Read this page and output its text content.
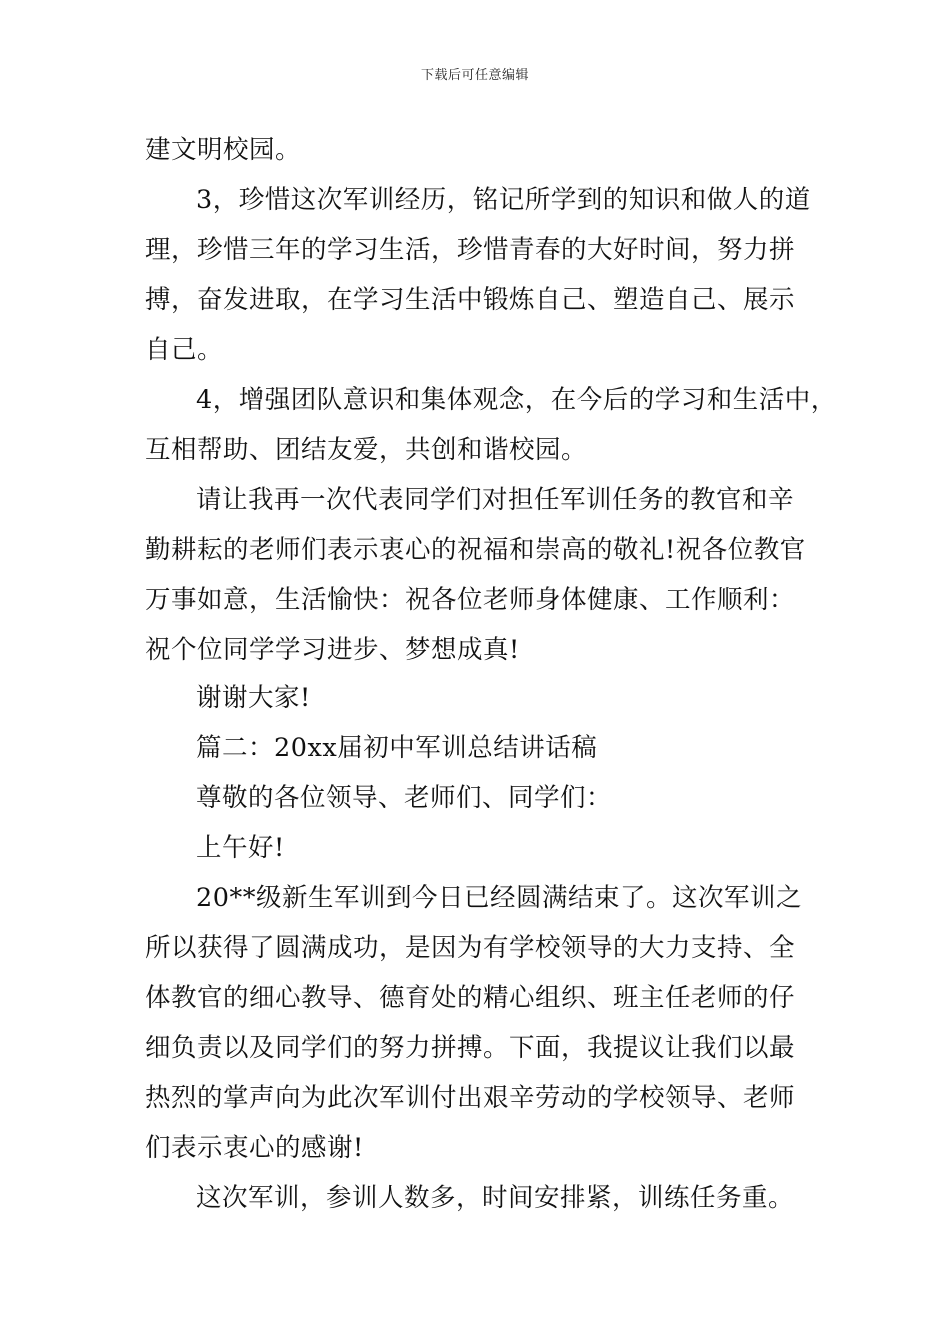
下载后可任意编辑
建文明校园。
3，珍惜这次军训经历，铭记所学到的知识和做人的道
理，珍惜三年的学习生活，珍惜青春的大好时间，努力拼
搏，奋发进取，在学习生活中锻炼自己、塑造自己、展示
自己。
4，增强团队意识和集体观念，在今后的学习和生活中，
互相帮助、团结友爱，共创和谐校园。
请让我再一次代表同学们对担任军训任务的教官和辛
勤耕耘的老师们表示衷心的祝福和崇高的敬礼!祝各位教官
万事如意，生活愉快：祝各位老师身体健康、工作顺利：
祝个位同学学习进步、梦想成真!
谢谢大家!
篇二：20xx届初中军训总结讲话稿
尊敬的各位领导、老师们、同学们：
上午好!
20**级新生军训到今日已经圆满结束了。这次军训之
所以获得了圆满成功，是因为有学校领导的大力支持、全
体教官的细心教导、德育处的精心组织、班主任老师的仔
细负责以及同学们的努力拼搏。下面，我提议让我们以最
热烈的掌声向为此次军训付出艰辛劳动的学校领导、老师
们表示衷心的感谢!
这次军训，参训人数多，时间安排紧，训练任务重。
